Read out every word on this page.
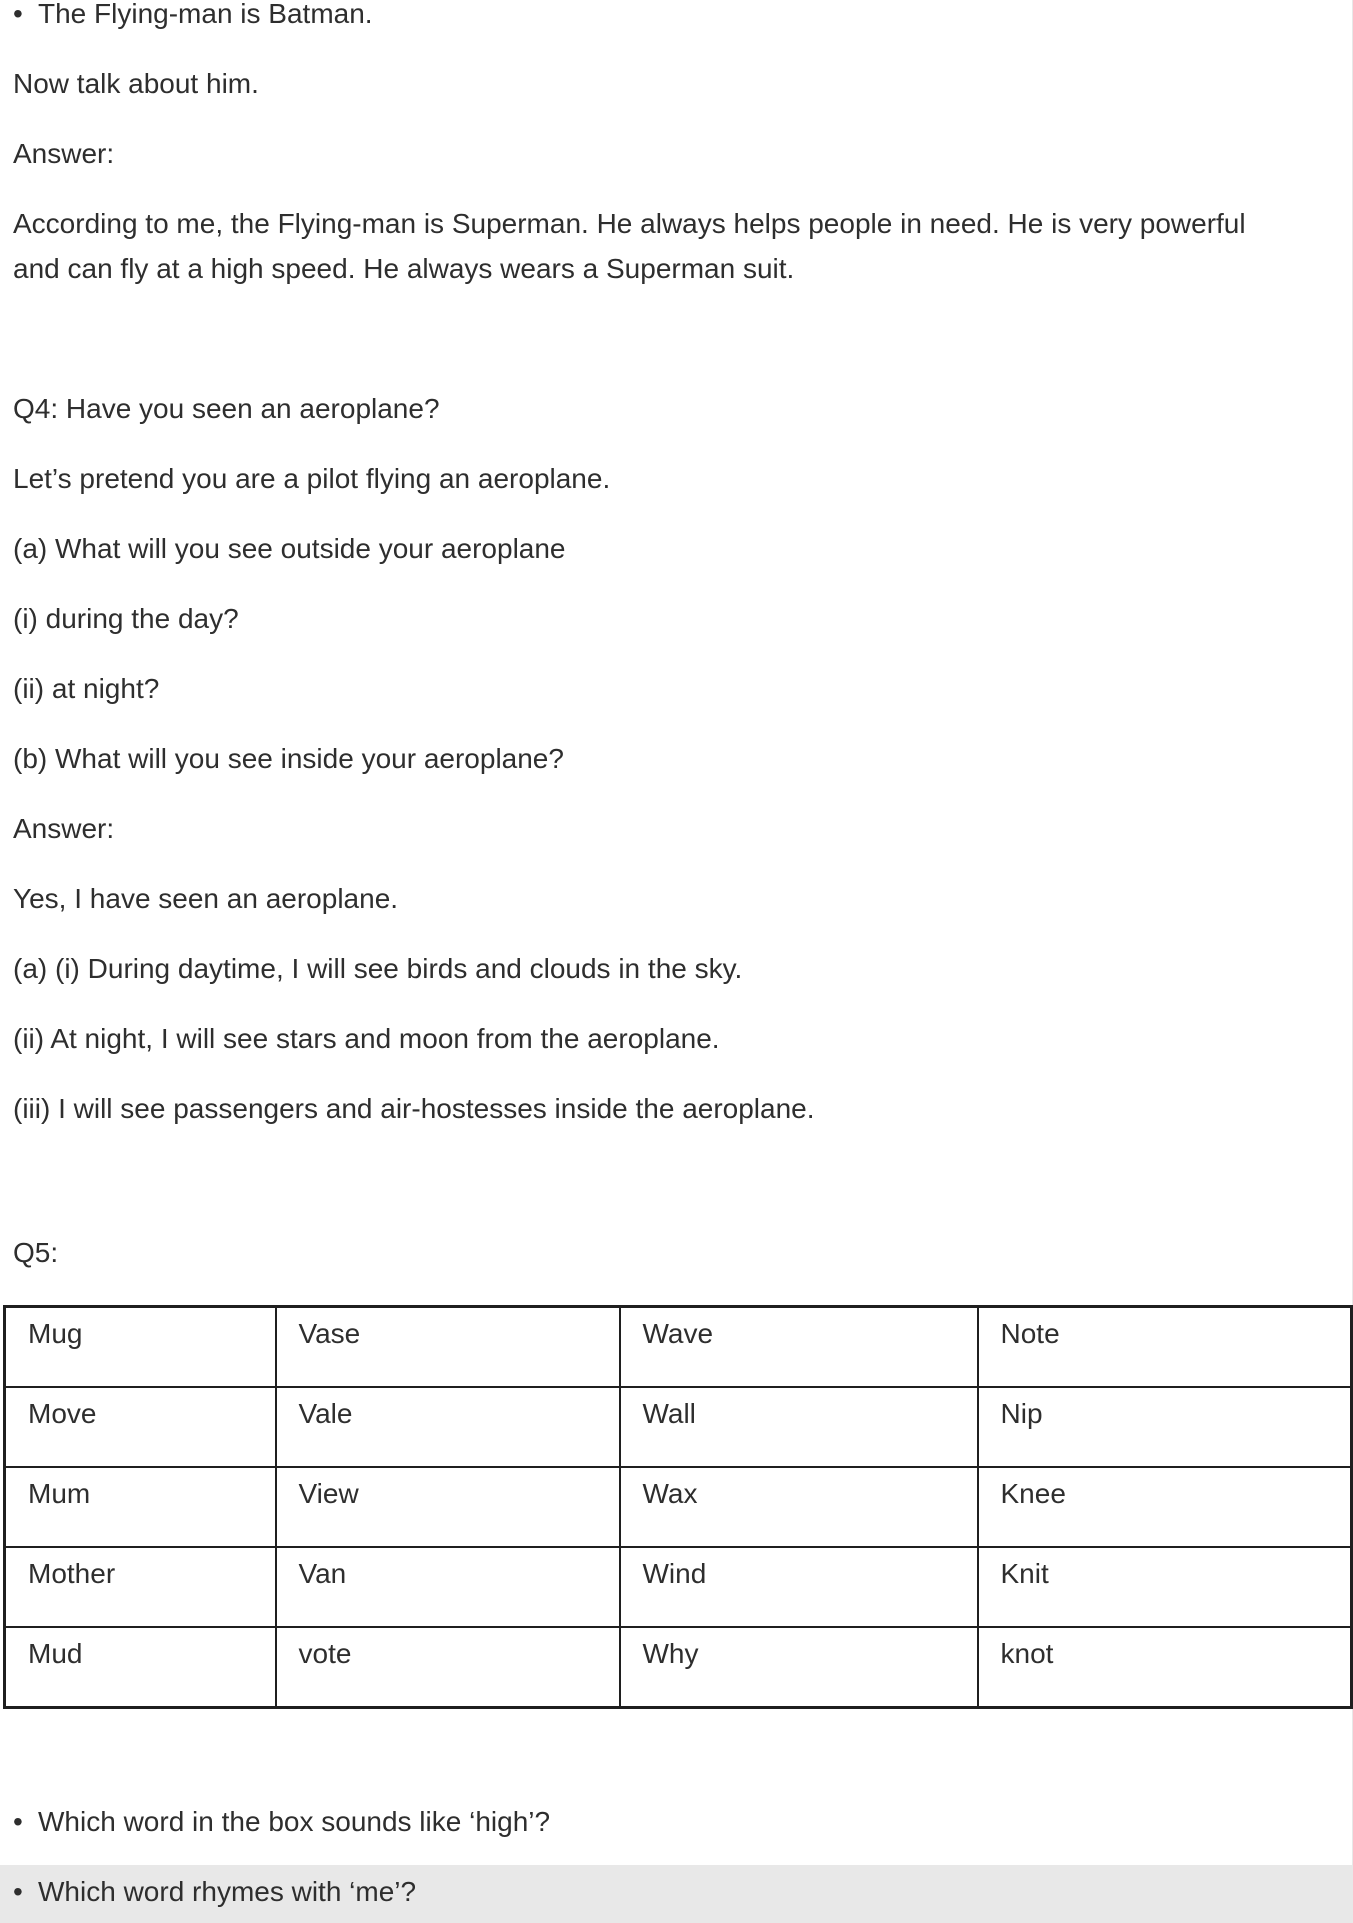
• The Flying-man is Batman.

Now talk about him.

Answer:

According to me, the Flying-man is Superman. He always helps people in need. He is very powerful
and can fly at a high speed. He always wears a Superman suit.

Q4: Have you seen an aeroplane?

Let’s pretend you are a pilot flying an aeroplane.

(a) What will you see outside your aeroplane

(i) during the day?

(ii) at night?

(b) What will you see inside your aeroplane?

Answer:

Yes, I have seen an aeroplane.

(a) (i) During daytime, I will see birds and clouds in the sky.

(ii) At night, I will see stars and moon from the aeroplane.

(iii) I will see passengers and air-hostesses inside the aeroplane.

Q5:

Mug	Vase	Wave	Note
Move	Vale	Wall	Nip
Mum	View	Wax	Knee
Mother	Van	Wind	Knit
Mud	vote	Why	knot

• Which word in the box sounds like ‘high’?

• Which word rhymes with ‘me’?
